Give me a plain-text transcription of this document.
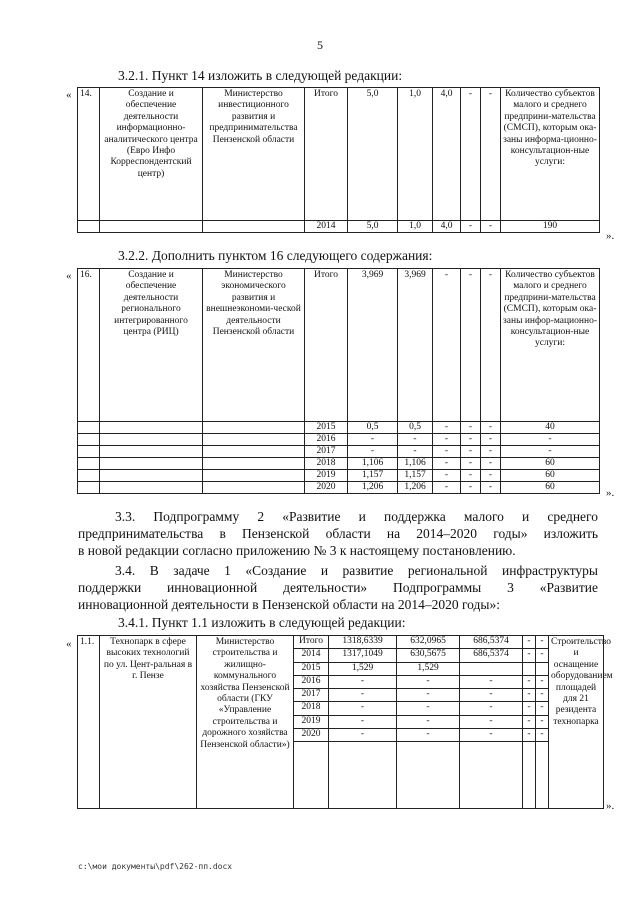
5
3.2.1. Пункт 14 изложить в следующей редакции:
« 14.	Создание и обеспечение деятельности информационно-аналитического центра (Евро Инфо Корреспондентский центр)	Министерство инвестиционного развития и предпринимательства Пензенской области	Итого	5,0	1,0	4,0	-	-	Количество субъектов малого и среднего предприни-мательства (СМСП), которым ока-заны информа-ционно-консультацион-ные услуги:
			2014	5,0	1,0	4,0	-	-	190
».
3.2.2. Дополнить пунктом 16 следующего содержания:
« 16.	Создание и обеспечение деятельности регионального интегрированного центра (РИЦ)	Министерство экономического развития и внешнеэкономи-ческой деятельности Пензенской области	Итого	3,969	3,969	-	-	-	Количество субъектов малого и среднего предприни-мательства (СМСП), которым ока-заны инфор-мационно-консультацион-ные услуги:
			2015	0,5	0,5	-	-	-	40
			2016	-	-	-	-	-	-
			2017	-	-	-	-	-	-
			2018	1,106	1,106	-	-	-	60
			2019	1,157	1,157	-	-	-	60
			2020	1,206	1,206	-	-	-	60	».
3.3. Подпрограмму 2 «Развитие и поддержка малого и среднего
предпринимательства в Пензенской области на 2014–2020 годы» изложить
в новой редакции согласно приложению № 3 к настоящему постановлению.
3.4. В задаче 1 «Создание и развитие региональной инфраструктуры
поддержки инновационной деятельности» Подпрограммы 3 «Развитие
инновационной деятельности в Пензенской области на 2014–2020 годы»:
3.4.1. Пункт 1.1 изложить в следующей редакции:
« 1.1.	Технопарк в сфере высоких технологий по ул. Цент-ральная в г. Пензе	Министерство строительства и жилищно-коммунального хозяйства Пензенской области (ГКУ «Управление строительства и дорожного хозяйства Пензенской области»)	Итого	1318,6339	632,0965	686,5374	-	-	Строительство и оснащение оборудованием площадей для 21 резидента технопарка
			2014	1317,1049	630,5675	686,5374	-	-	
			2015	1,529	1,529				
			2016	-	-	-	-	-	
			2017	-	-	-	-	-	
			2018	-	-	-	-	-	
			2019	-	-	-	-	-	
			2020	-	-	-	-	-	

».
c:\мои документы\pdf\262-пп.docx
